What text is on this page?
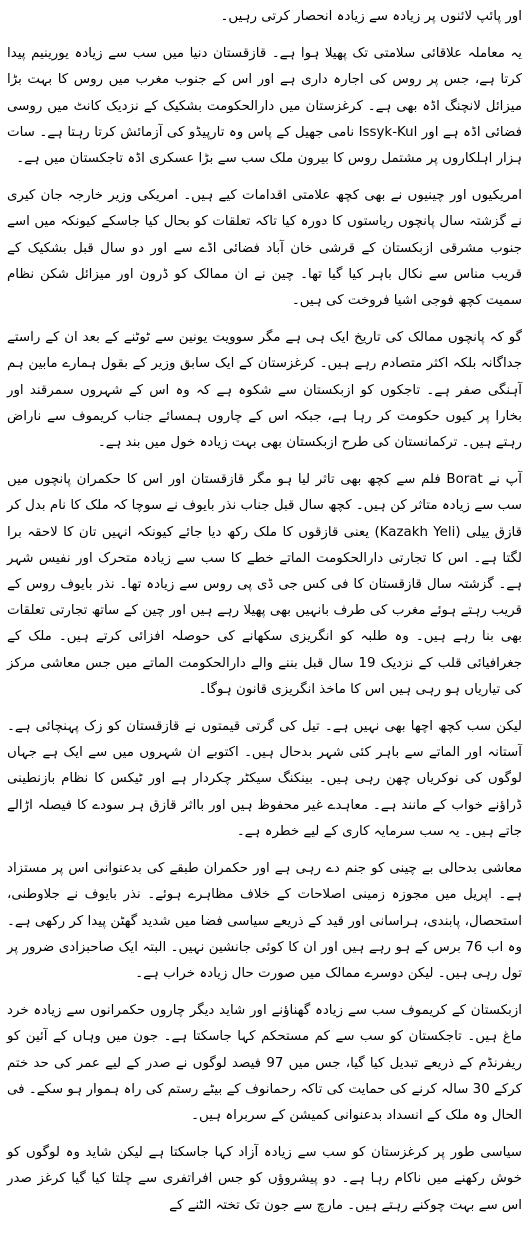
اور پائپ لائنوں پر زیادہ سے زیادہ انحصار کرتی رہیں۔

یہ معاملہ علاقائی سلامتی تک پھیلا ہوا ہے۔ قازقستان دنیا میں سب سے زیادہ یورینیم پیدا کرتا ہے، جس پر روس کی اجارہ داری ہے اور اس کے جنوب مغرب میں روس کا بہت بڑا میزائل لانچنگ اڈہ بھی ہے۔ کرغزستان میں دارالحکومت بشکیک کے نزدیک کانٹ میں روسی فضائی اڈہ ہے اور Issyk-Kul نامی جھیل کے پاس وہ تارپیڈو کی آزمائش کرتا رہتا ہے۔ سات ہزار اہلکاروں پر مشتمل روس کا بیرون ملک سب سے بڑا عسکری اڈہ تاجکستان میں ہے۔

امریکیوں اور چینیوں نے بھی کچھ علامتی اقدامات کیے ہیں۔ امریکی وزیر خارجہ جان کیری نے گزشتہ سال پانچوں ریاستوں کا دورہ کیا تاکہ تعلقات کو بحال کیا جاسکے کیونکہ میں اسے جنوب مشرقی ازبکستان کے قرشی خان آباد فضائی اڈے سے اور دو سال قبل بشکیک کے قریب مناس سے نکال باہر کیا گیا تھا۔ چین نے ان ممالک کو ڈرون اور میزائل شکن نظام سمیت کچھ فوجی اشیا فروخت کی ہیں۔

گو کہ پانچوں ممالک کی تاریخ ایک ہی ہے مگر سوویت یونین سے ٹوٹنے کے بعد ان کے راستے جداگانہ بلکہ اکثر متصادم رہے ہیں۔ کرغزستان کے ایک سابق وزیر کے بقول ہمارے مابین ہم آہنگی صفر ہے۔ تاجکوں کو ازبکستان سے شکوہ ہے کہ وہ اس کے شہروں سمرقند اور بخارا پر کیوں حکومت کر رہا ہے، جبکہ اس کے چاروں ہمسائے جناب کریموف سے ناراض رہتے ہیں۔ ترکمانستان کی طرح ازبکستان بھی بہت زیادہ خول میں بند ہے۔

آپ نے Borat فلم سے کچھ بھی تاثر لیا ہو مگر قازقستان اور اس کا حکمران پانچوں میں سب سے زیادہ متاثر کن ہیں۔ کچھ سال قبل جناب نذر بایوف نے سوچا کہ ملک کا نام بدل کر قازق ییلی (Kazakh Yeli) یعنی قازقوں کا ملک رکھ دیا جائے کیونکہ انہیں تان کا لاحقہ برا لگتا ہے۔ اس کا تجارتی دارالحکومت الماتے خطے کا سب سے زیادہ متحرک اور نفیس شہر ہے۔ گزشتہ سال قازقستان کا فی کس جی ڈی پی روس سے زیادہ تھا۔ نذر بایوف روس کے قریب رہتے ہوئے مغرب کی طرف بانہیں بھی پھیلا رہے ہیں اور چین کے ساتھ تجارتی تعلقات بھی بنا رہے ہیں۔ وہ طلبہ کو انگریزی سکھانے کی حوصلہ افزائی کرتے ہیں۔ ملک کے جغرافیائی قلب کے نزدیک 19 سال قبل بننے والے دارالحکومت الماتے میں جس معاشی مرکز کی تیاریاں ہو رہی ہیں اس کا ماخذ انگریزی قانون ہوگا۔

لیکن سب کچھ اچھا بھی نہیں ہے۔ تیل کی گرتی قیمتوں نے قازقستان کو زک پہنچائی ہے۔ آستانہ اور الماتے سے باہر کئی شہر بدحال ہیں۔ اکتوبے ان شہروں میں سے ایک ہے جہاں لوگوں کی نوکریاں چھن رہی ہیں۔ بینکنگ سیکٹر چکردار ہے اور ٹیکس کا نظام بازنطینی ڈراؤنے خواب کے مانند ہے۔ معاہدے غیر محفوظ ہیں اور بااثر قازق ہر سودے کا فیصلہ اڑالے جاتے ہیں۔ یہ سب سرمایہ کاری کے لیے خطرہ ہے۔

معاشی بدحالی بے چینی کو جنم دے رہی ہے اور حکمران طبقے کی بدعنوانی اس پر مستزاد ہے۔ اپریل میں مجوزہ زمینی اصلاحات کے خلاف مظاہرے ہوئے۔ نذر بایوف نے جلاوطنی، استحصال، پابندی، ہراسانی اور قید کے ذریعے سیاسی فضا میں شدید گھٹن پیدا کر رکھی ہے۔ وہ اب 76 برس کے ہو رہے ہیں اور ان کا کوئی جانشین نہیں۔ البتہ ایک صاحبزادی ضرور پر تول رہی ہیں۔ لیکن دوسرے ممالک میں صورت حال زیادہ خراب ہے۔

ازبکستان کے کریموف سب سے زیادہ گھناؤنے اور شاید دیگر چاروں حکمرانوں سے زیادہ خرد ماغ ہیں۔ تاجکستان کو سب سے کم مستحکم کہا جاسکتا ہے۔ جون میں وہاں کے آئین کو ریفرنڈم کے ذریعے تبدیل کیا گیا، جس میں 97 فیصد لوگوں نے صدر کے لیے عمر کی حد ختم کرکے 30 سالہ کرنے کی حمایت کی تاکہ رحمانوف کے بیٹے رستم کی راہ ہموار ہو سکے۔ فی الحال وہ ملک کے انسداد بدعنوانی کمیشن کے سربراہ ہیں۔

سیاسی طور پر کرغزستان کو سب سے زیادہ آزاد کہا جاسکتا ہے لیکن شاید وہ لوگوں کو خوش رکھنے میں ناکام رہا ہے۔ دو پیشروؤں کو جس افراتفری سے چلتا کیا گیا کرغز صدر اس سے بہت چوکنے رہتے ہیں۔ مارچ سے جون تک تختہ الٹنے کے
